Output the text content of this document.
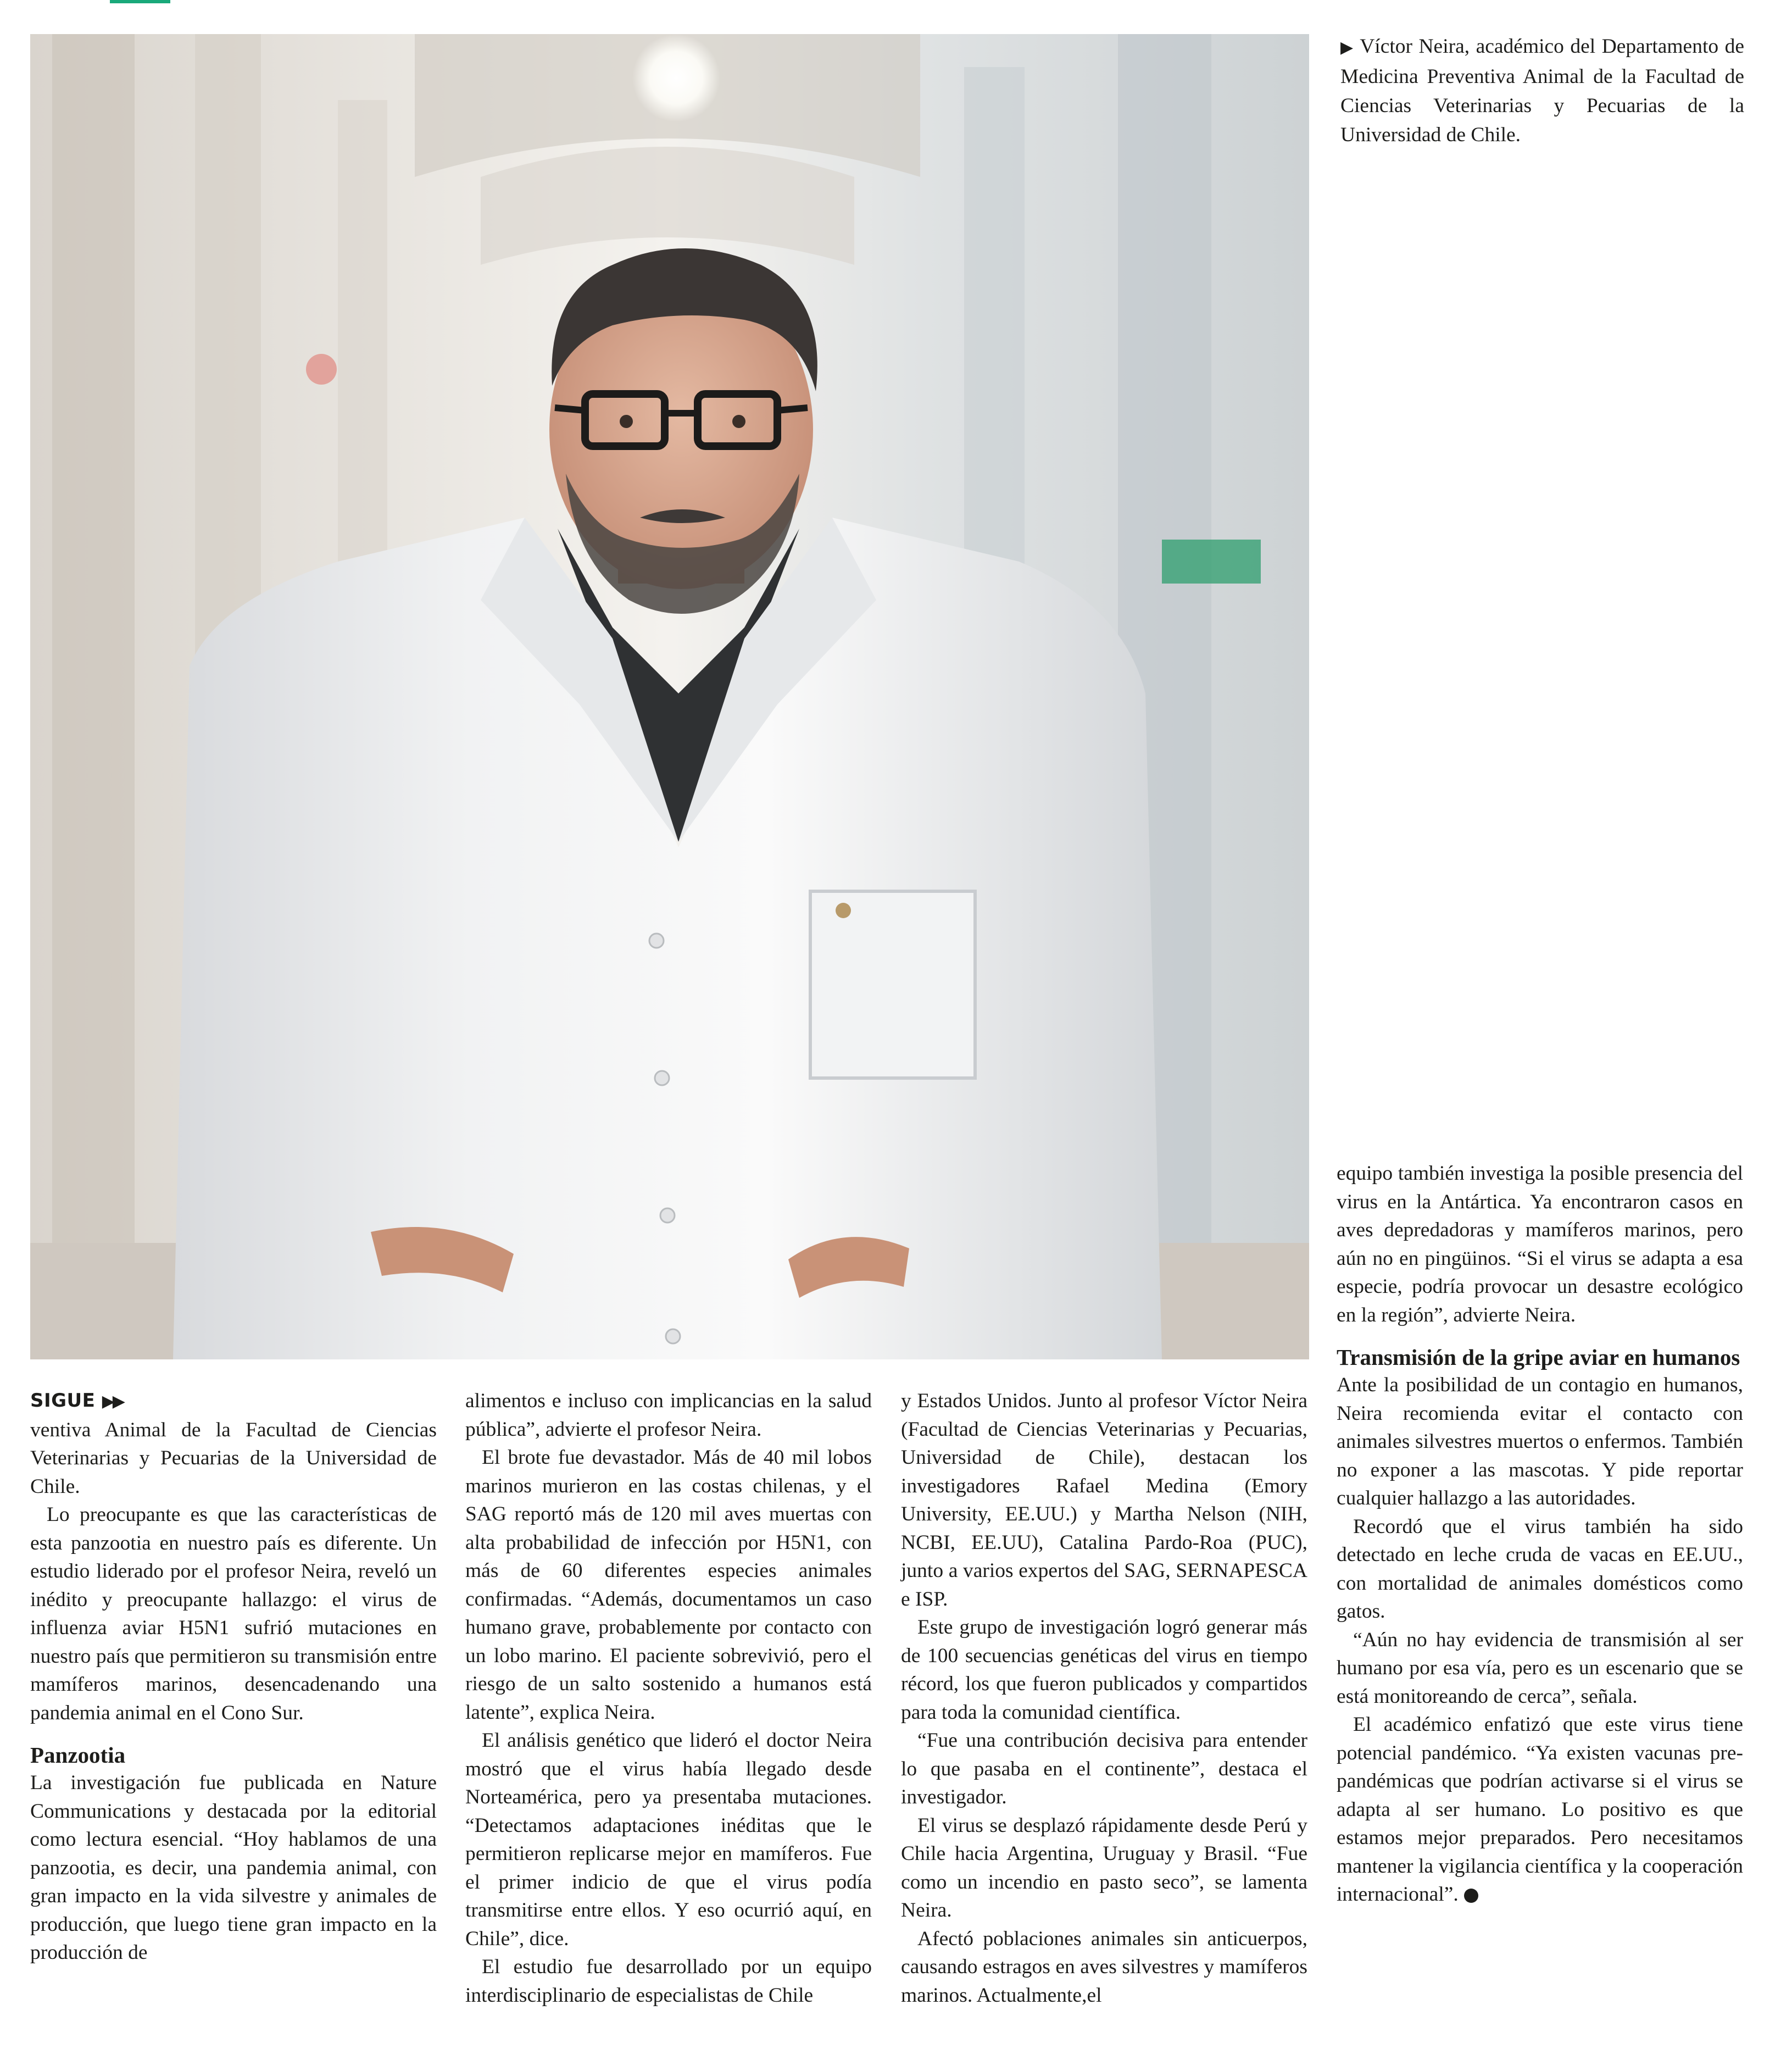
▶ Víctor Neira, académico del Departamento de Medicina Preventiva Animal de la Facultad de Ciencias Veterinarias y Pecuarias de la Universidad de Chile.

SIGUE ▶▶

ventiva Animal de la Facultad de Ciencias Veterinarias y Pecuarias de la Universidad de Chile.

Lo preocupante es que las características de esta panzootia en nuestro país es diferente. Un estudio liderado por el profesor Neira, reveló un inédito y preocupante hallazgo: el virus de influenza aviar H5N1 sufrió mutaciones en nuestro país que permitieron su transmisión entre mamíferos marinos, desencadenando una pandemia animal en el Cono Sur.

Panzootia

La investigación fue publicada en Nature Communications y destacada por la editorial como lectura esencial. “Hoy hablamos de una panzootia, es decir, una pandemia animal, con gran impacto en la vida silvestre y animales de producción, que luego tiene gran impacto en la producción de

alimentos e incluso con implicancias en la salud pública”, advierte el profesor Neira.

El brote fue devastador. Más de 40 mil lobos marinos murieron en las costas chilenas, y el SAG reportó más de 120 mil aves muertas con alta probabilidad de infección por H5N1, con más de 60 diferentes especies animales confirmadas. “Además, documentamos un caso humano grave, probablemente por contacto con un lobo marino. El paciente sobrevivió, pero el riesgo de un salto sostenido a humanos está latente”, explica Neira.

El análisis genético que lideró el doctor Neira mostró que el virus había llegado desde Norteamérica, pero ya presentaba mutaciones. “Detectamos adaptaciones inéditas que le permitieron replicarse mejor en mamíferos. Fue el primer indicio de que el virus podía transmitirse entre ellos. Y eso ocurrió aquí, en Chile”, dice.

El estudio fue desarrollado por un equipo interdisciplinario de especialistas de Chile

y Estados Unidos. Junto al profesor Víctor Neira (Facultad de Ciencias Veterinarias y Pecuarias, Universidad de Chile), destacan los investigadores Rafael Medina (Emory University, EE.UU.) y Martha Nelson (NIH, NCBI, EE.UU), Catalina Pardo-Roa (PUC), junto a varios expertos del SAG, SERNAPESCA e ISP.

Este grupo de investigación logró generar más de 100 secuencias genéticas del virus en tiempo récord, los que fueron publicados y compartidos para toda la comunidad científica.

“Fue una contribución decisiva para entender lo que pasaba en el continente”, destaca el investigador.

El virus se desplazó rápidamente desde Perú y Chile hacia Argentina, Uruguay y Brasil. “Fue como un incendio en pasto seco”, se lamenta Neira.

Afectó poblaciones animales sin anticuerpos, causando estragos en aves silvestres y mamíferos marinos. Actualmente,el

equipo también investiga la posible presencia del virus en la Antártica. Ya encontraron casos en aves depredadoras y mamíferos marinos, pero aún no en pingüinos. “Si el virus se adapta a esa especie, podría provocar un desastre ecológico en la región”, advierte Neira.

Transmisión de la gripe aviar en humanos

Ante la posibilidad de un contagio en humanos, Neira recomienda evitar el contacto con animales silvestres muertos o enfermos. También no exponer a las mascotas. Y pide reportar cualquier hallazgo a las autoridades.

Recordó que el virus también ha sido detectado en leche cruda de vacas en EE.UU., con mortalidad de animales domésticos como gatos.

“Aún no hay evidencia de transmisión al ser humano por esa vía, pero es un escenario que se está monitoreando de cerca”, señala.

El académico enfatizó que este virus tiene potencial pandémico. “Ya existen vacunas pre-pandémicas que podrían activarse si el virus se adapta al ser humano. Lo positivo es que estamos mejor preparados. Pero necesitamos mantener la vigilancia científica y la cooperación internacional”.
